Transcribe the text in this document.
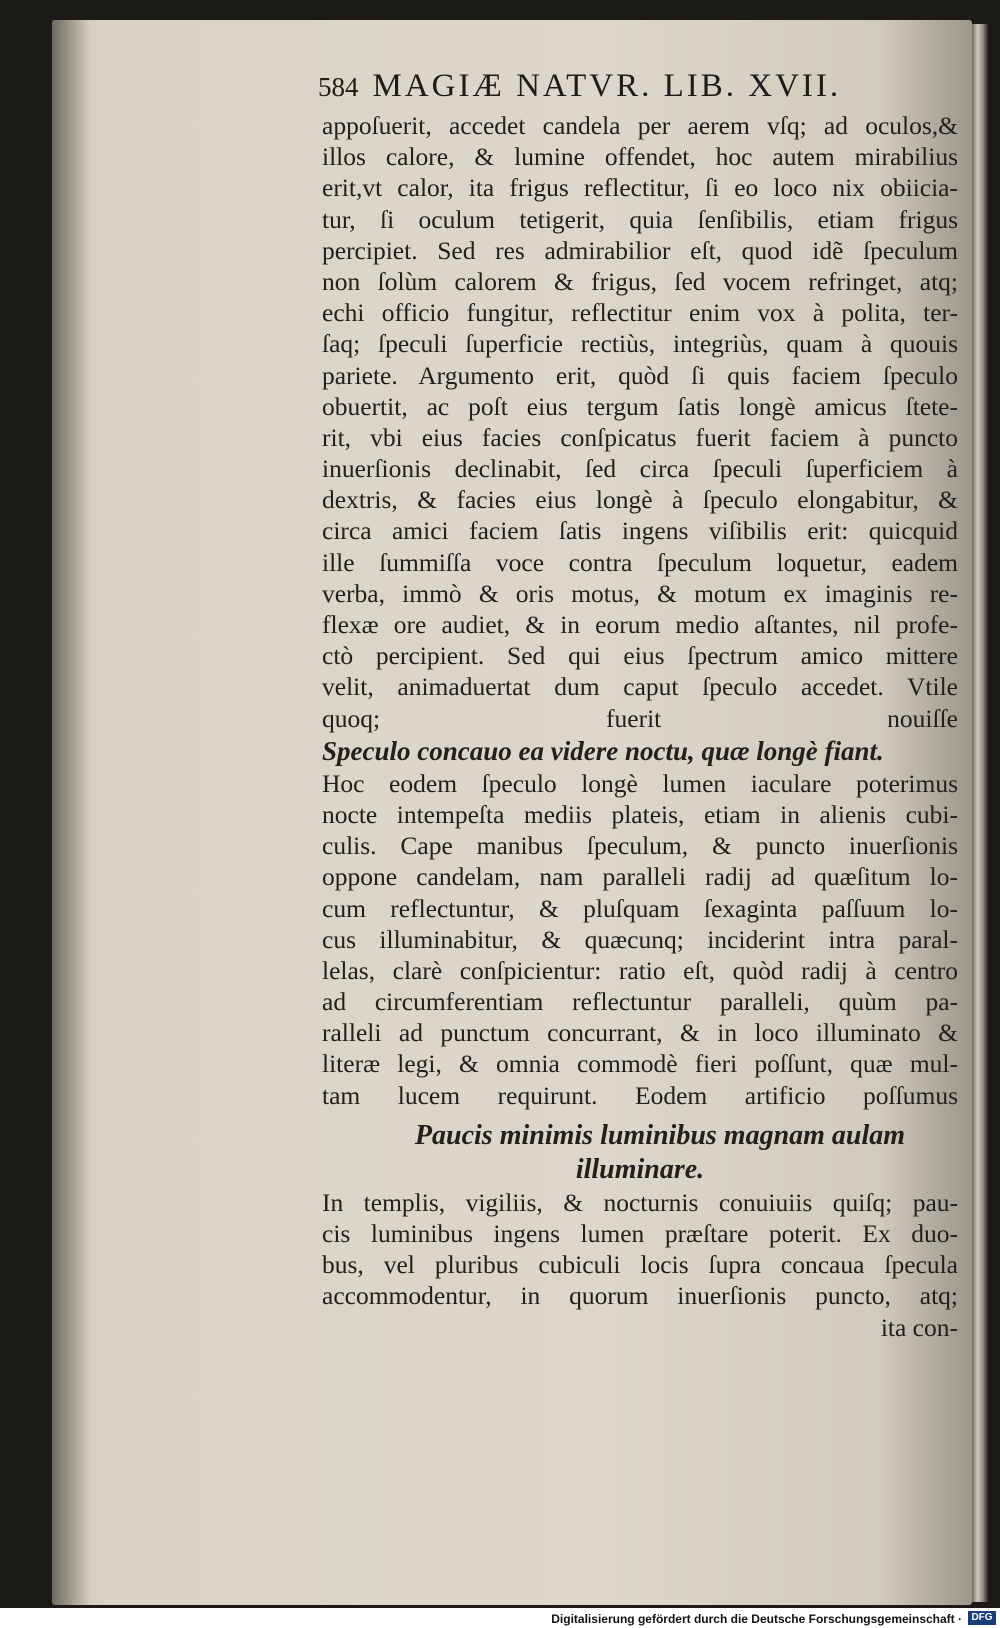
584 MAGIÆ NATVR. LIB. XVII.
appoſuerit, accedet candela per aerem vſq; ad oculos,&
illos calore, & lumine offendet, hoc autem mirabilius
erit,vt calor, ita frigus reflectitur, ſi eo loco nix obiicia-
tur, ſi oculum tetigerit, quia ſenſibilis, etiam frigus
percipiet. Sed res admirabilior eſt, quod idẽ ſpeculum
non ſolùm calorem & frigus, ſed vocem refringet, atq;
echi officio fungitur, reflectitur enim vox à polita, ter-
ſaq; ſpeculi ſuperficie rectiùs, integriùs, quam à quouis
pariete. Argumento erit, quòd ſi quis faciem ſpeculo
obuertit, ac poſt eius tergum ſatis longè amicus ſtete-
rit, vbi eius facies conſpicatus fuerit faciem à puncto
inuerſionis declinabit, ſed circa ſpeculi ſuperficiem à
dextris, & facies eius longè à ſpeculo elongabitur, &
circa amici faciem ſatis ingens viſibilis erit: quicquid
ille ſummiſſa voce contra ſpeculum loquetur, eadem
verba, immò & oris motus, & motum ex imaginis re-
flexæ ore audiet, & in eorum medio aſtantes, nil profe-
ctò percipient. Sed qui eius ſpectrum amico mittere
velit, animaduertat dum caput ſpeculo accedet. Vtile
quoq; fuerit nouiſſe
Speculo concauo ea videre noctu, quæ longè fiant.
Hoc eodem ſpeculo longè lumen iaculare poterimus
nocte intempeſta mediis plateis, etiam in alienis cubi-
culis. Cape manibus ſpeculum, & puncto inuerſionis
oppone candelam, nam paralleli radij ad quæſitum lo-
cum reflectuntur, & pluſquam ſexaginta paſſuum lo-
cus illuminabitur, & quæcunq; inciderint intra paral-
lelas, clarè conſpicientur: ratio eſt, quòd radij à centro
ad circumferentiam reflectuntur paralleli, quùm pa-
ralleli ad punctum concurrant, & in loco illuminato &
literæ legi, & omnia commodè fieri poſſunt, quæ mul-
tam lucem requirunt. Eodem artificio poſſumus
Paucis minimis luminibus magnam aulam
illuminare.
In templis, vigiliis, & nocturnis conuiuiis quiſq; pau-
cis luminibus ingens lumen præſtare poterit. Ex duo-
bus, vel pluribus cubiculi locis ſupra concaua ſpecula
accommodentur, in quorum inuerſionis puncto, atq;
ita con-
Digitalisierung gefördert durch die Deutsche Forschungsgemeinschaft · DFG
